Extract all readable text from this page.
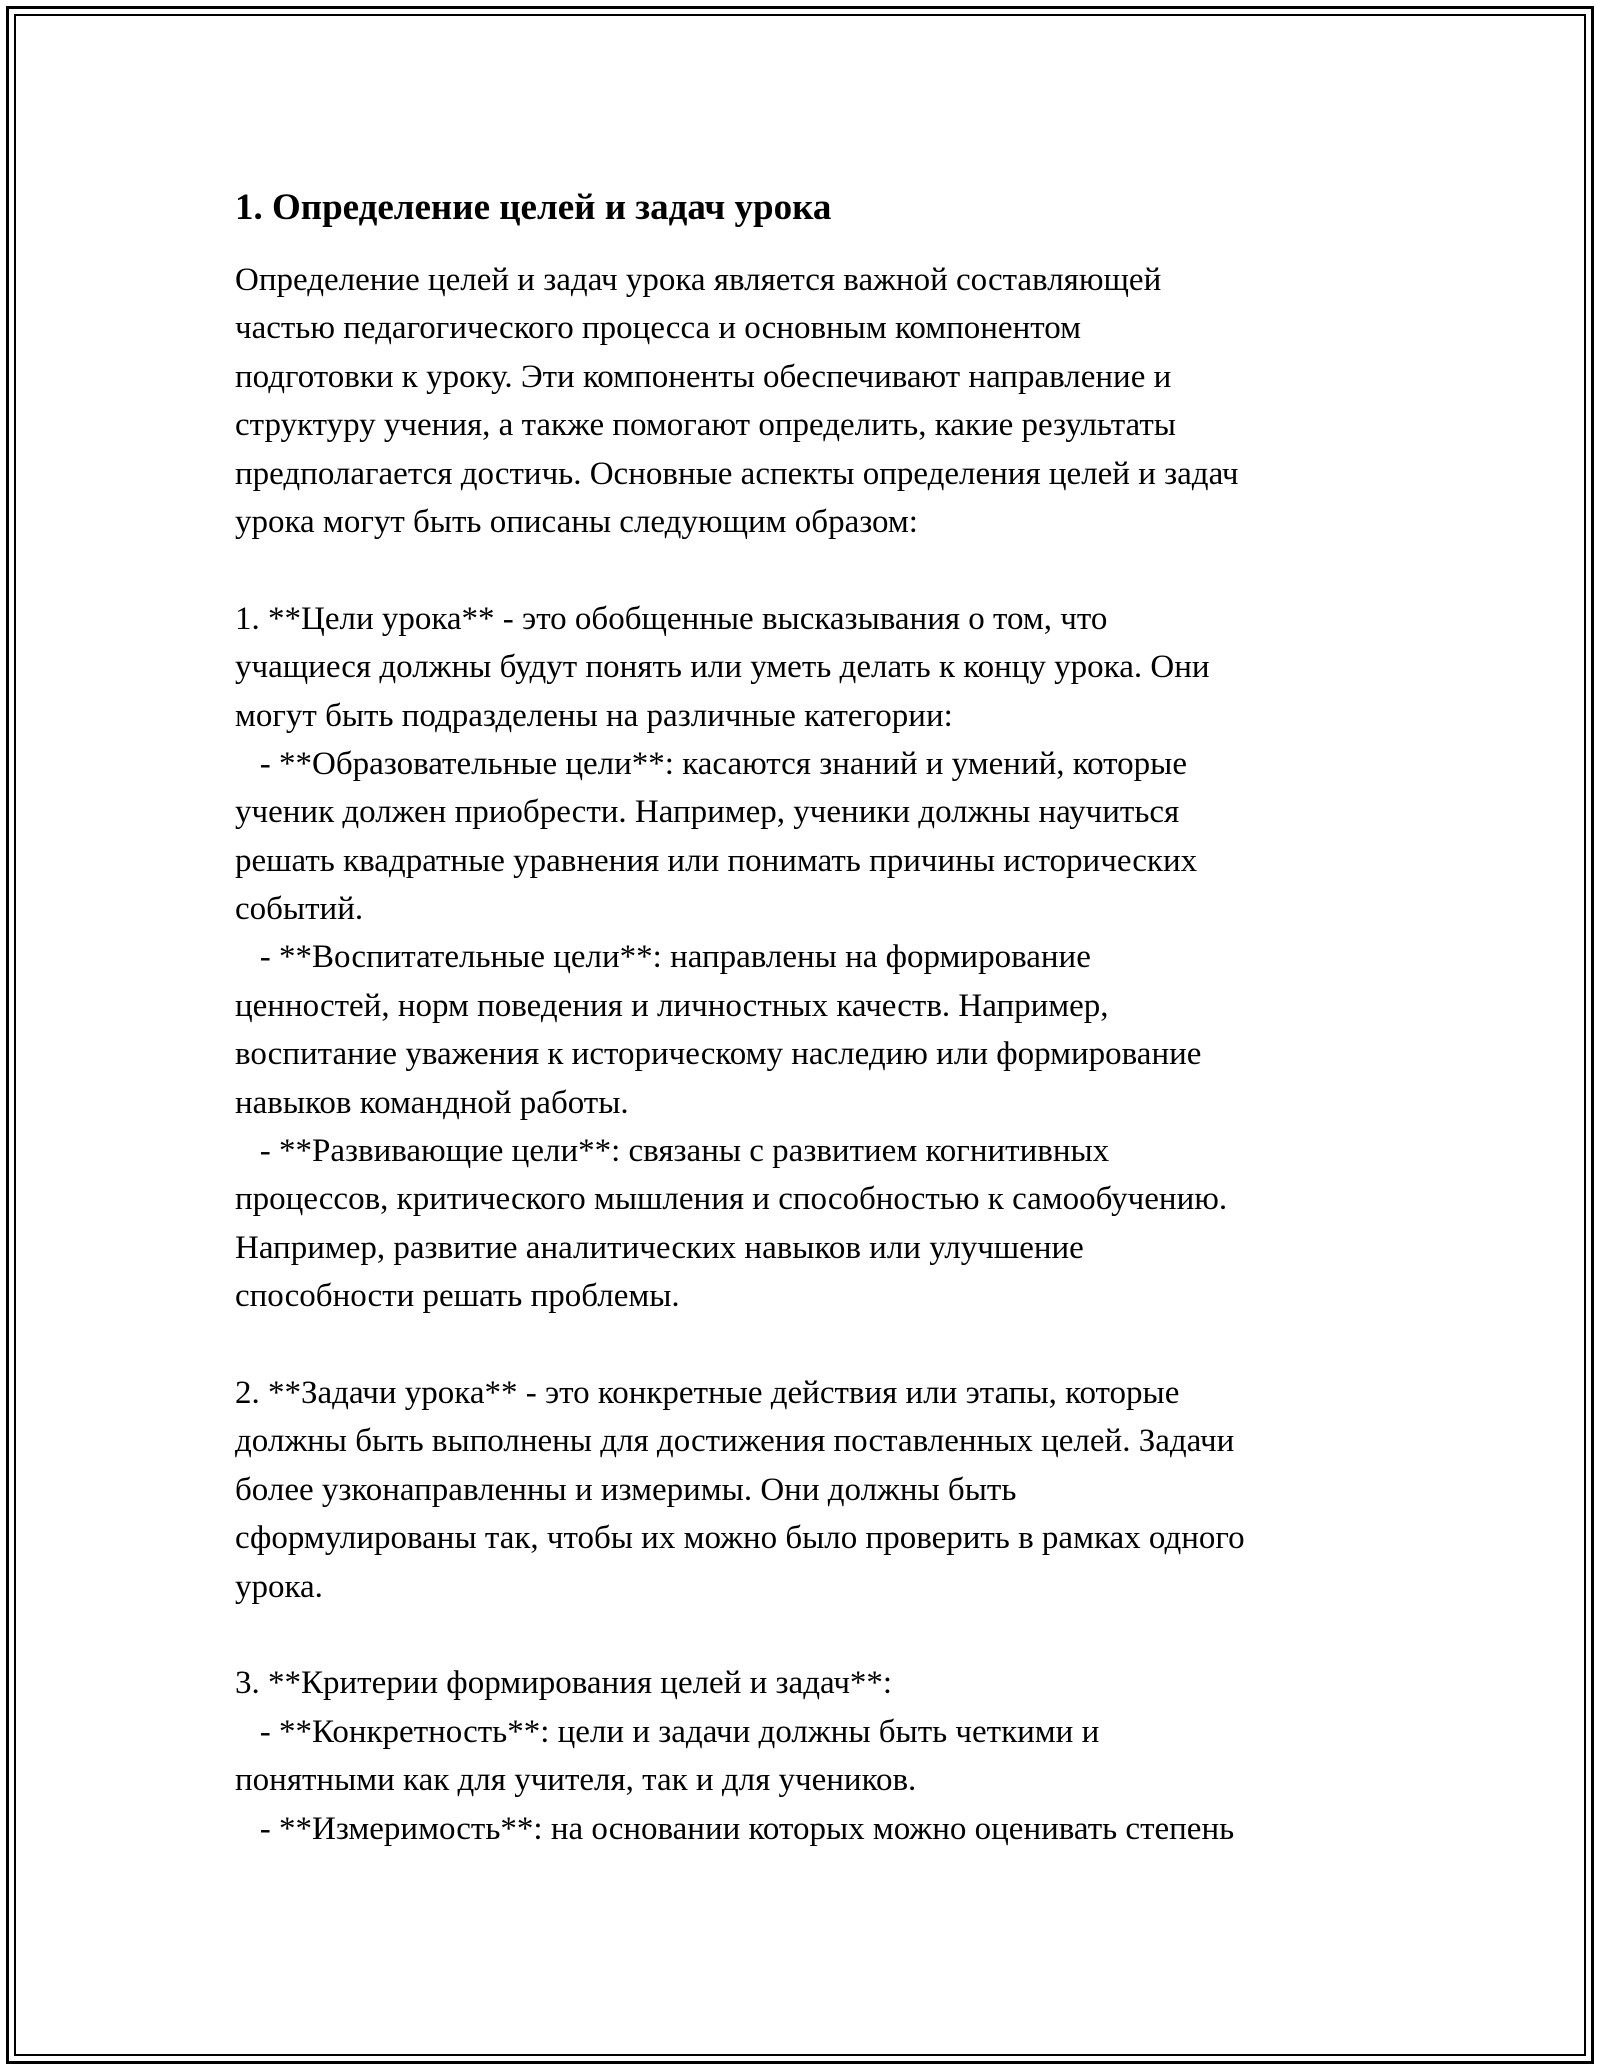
1. Определение целей и задач урока
Определение целей и задач урока является важной составляющей
частью педагогического процесса и основным компонентом
подготовки к уроку. Эти компоненты обеспечивают направление и
структуру учения, а также помогают определить, какие результаты
предполагается достичь. Основные аспекты определения целей и задач
урока могут быть описаны следующим образом:
1. **Цели урока** - это обобщенные высказывания о том, что
учащиеся должны будут понять или уметь делать к концу урока. Они
могут быть подразделены на различные категории:
- **Образовательные цели**: касаются знаний и умений, которые
ученик должен приобрести. Например, ученики должны научиться
решать квадратные уравнения или понимать причины исторических
событий.
- **Воспитательные цели**: направлены на формирование
ценностей, норм поведения и личностных качеств. Например,
воспитание уважения к историческому наследию или формирование
навыков командной работы.
- **Развивающие цели**: связаны с развитием когнитивных
процессов, критического мышления и способностью к самообучению.
Например, развитие аналитических навыков или улучшение
способности решать проблемы.
2. **Задачи урока** - это конкретные действия или этапы, которые
должны быть выполнены для достижения поставленных целей. Задачи
более узконаправленны и измеримы. Они должны быть
сформулированы так, чтобы их можно было проверить в рамках одного
урока.
3. **Критерии формирования целей и задач**:
- **Конкретность**: цели и задачи должны быть четкими и
понятными как для учителя, так и для учеников.
- **Измеримость**: на основании которых можно оценивать степень
